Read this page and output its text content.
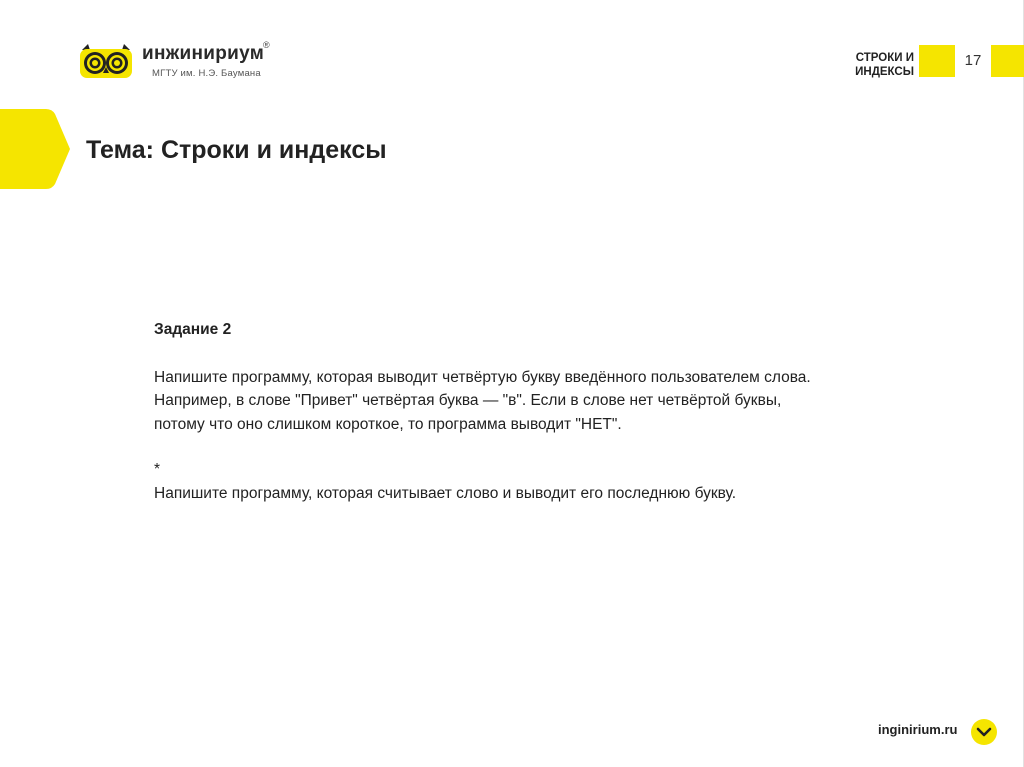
инжинириум
®
МГТУ им. Н.Э. Баумана
СТРОКИ И ИНДЕКСЫ
17
Тема: Строки и индексы

Задание 2

Напишите программу, которая выводит четвёртую букву введённого пользователем слова.

Например, в слове "Привет" четвёртая буква — "в". Если в слове нет четвёртой буквы,

потому что оно слишком короткое, то программа выводит "НЕТ".

*

Напишите программу, которая считывает слово и выводит его последнюю букву.

inginirium.ru
